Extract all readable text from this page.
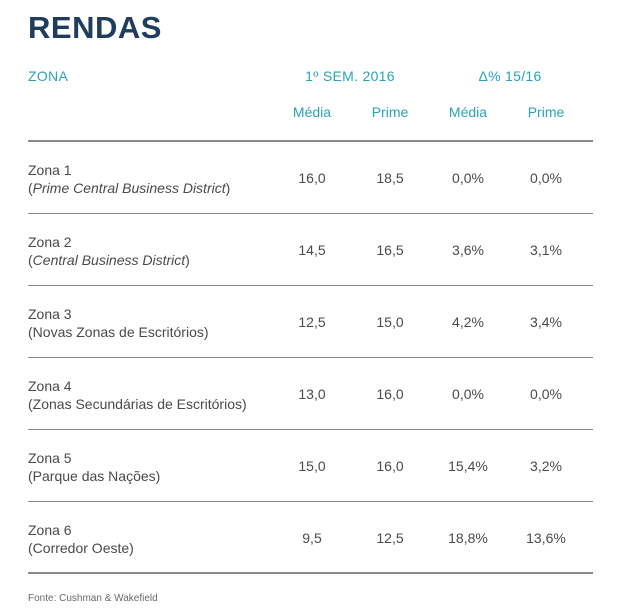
RENDAS
ZONA	1º SEM. 2016	Δ% 15/16
Média	Prime	Média	Prime
Zona 1
(Prime Central Business District)
16,0	18,5	0,0%	0,0%
Zona 2
(Central Business District)
14,5	16,5	3,6%	3,1%
Zona 3
(Novas Zonas de Escritórios)
12,5	15,0	4,2%	3,4%
Zona 4
(Zonas Secundárias de Escritórios)
13,0	16,0	0,0%	0,0%
Zona 5
(Parque das Nações)
15,0	16,0	15,4%	3,2%
Zona 6
(Corredor Oeste)
9,5	12,5	18,8%	13,6%
Fonte: Cushman & Wakefield
